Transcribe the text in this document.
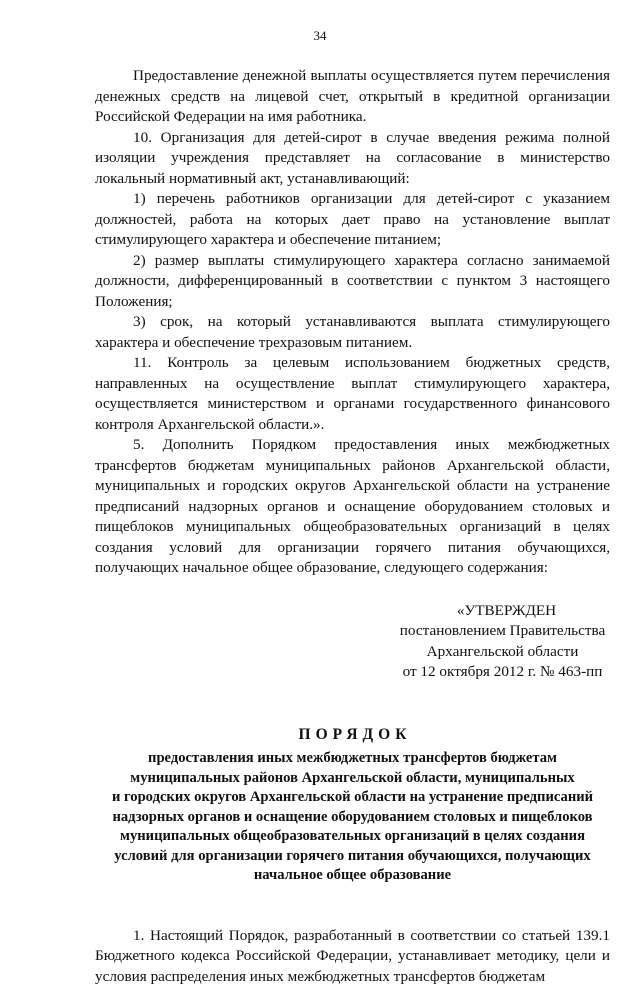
34

Предоставление денежной выплаты осуществляется путем перечисления денежных средств на лицевой счет, открытый в кредитной организации Российской Федерации на имя работника.

10. Организация для детей-сирот в случае введения режима полной изоляции учреждения представляет на согласование в министерство локальный нормативный акт, устанавливающий:

1) перечень работников организации для детей-сирот с указанием должностей, работа на которых дает право на установление выплат стимулирующего характера и обеспечение питанием;

2) размер выплаты стимулирующего характера согласно занимаемой должности, дифференцированный в соответствии с пунктом 3 настоящего Положения;

3) срок, на который устанавливаются выплата стимулирующего характера и обеспечение трехразовым питанием.

11. Контроль за целевым использованием бюджетных средств, направленных на осуществление выплат стимулирующего характера, осуществляется министерством и органами государственного финансового контроля Архангельской области.».

5. Дополнить Порядком предоставления иных межбюджетных трансфертов бюджетам муниципальных районов Архангельской области, муниципальных и городских округов Архангельской области на устранение предписаний надзорных органов и оснащение оборудованием столовых и пищеблоков муниципальных общеобразовательных организаций в целях создания условий для организации горячего питания обучающихся, получающих начальное общее образование, следующего содержания:

«УТВЕРЖДЕН
постановлением Правительства
Архангельской области
от 12 октября 2012 г. № 463-пп
ПОРЯДОК
предоставления иных межбюджетных трансфертов бюджетам
муниципальных районов Архангельской области, муниципальных
и городских округов Архангельской области на устранение предписаний
надзорных органов и оснащение оборудованием столовых и пищеблоков
муниципальных общеобразовательных организаций в целях создания
условий для организации горячего питания обучающихся, получающих
начальное общее образование

1. Настоящий Порядок, разработанный в соответствии со статьей 139.1 Бюджетного кодекса Российской Федерации, устанавливает методику, цели и условия распределения иных межбюджетных трансфертов бюджетам
